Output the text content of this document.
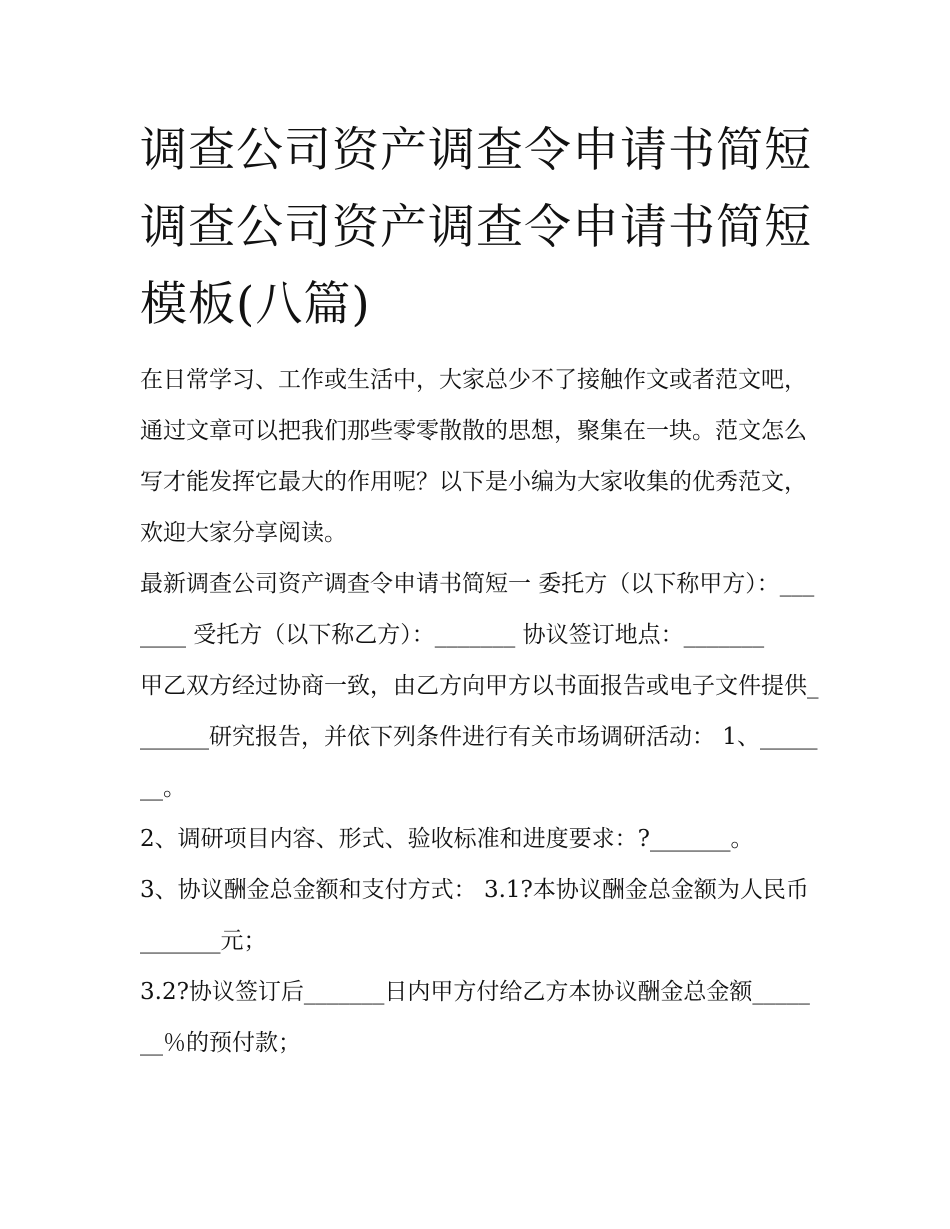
调查公司资产调查令申请书简短 调查公司资产调查令申请书简短模板(八篇)

在日常学习、工作或生活中，大家总少不了接触作文或者范文吧，通过文章可以把我们那些零零散散的思想，聚集在一块。范文怎么写才能发挥它最大的作用呢？以下是小编为大家收集的优秀范文，欢迎大家分享阅读。

最新调查公司资产调查令申请书简短一 委托方（以下称甲方）：_______ 受托方（以下称乙方）：_______ 协议签订地点：_______

甲乙双方经过协商一致，由乙方向甲方以书面报告或电子文件提供_______研究报告，并依下列条件进行有关市场调研活动： 1、_______。

2、调研项目内容、形式、验收标准和进度要求：?_______。

3、协议酬金总金额和支付方式： 3.1?本协议酬金总金额为人民币_______元；

3.2?协议签订后_______日内甲方付给乙方本协议酬金总金额_______％的预付款；
